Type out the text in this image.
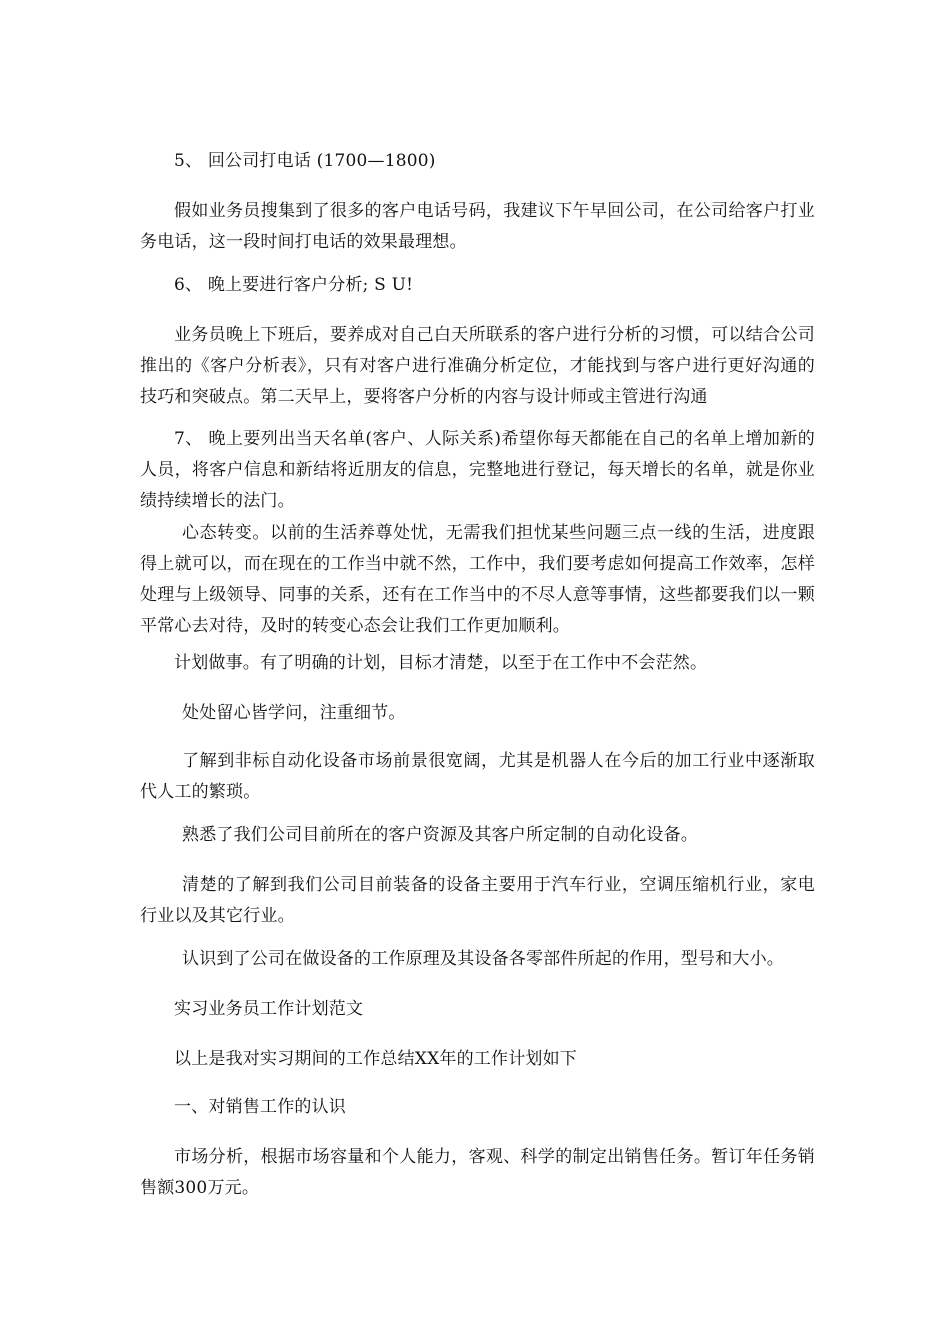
5、 回公司打电话 (1700—1800)

假如业务员搜集到了很多的客户电话号码，我建议下午早回公司，在公司给客户打业务电话，这一段时间打电话的效果最理想。

6、 晚上要进行客户分析; S U!

业务员晚上下班后，要养成对自己白天所联系的客户进行分析的习惯，可以结合公司推出的《客户分析表》，只有对客户进行准确分析定位，才能找到与客户进行更好沟通的技巧和突破点。第二天早上，要将客户分析的内容与设计师或主管进行沟通

7、 晚上要列出当天名单(客户、人际关系)希望你每天都能在自己的名单上增加新的人员，将客户信息和新结将近朋友的信息，完整地进行登记，每天增长的名单，就是你业绩持续增长的法门。

心态转变。以前的生活养尊处忧，无需我们担忧某些问题三点一线的生活，进度跟得上就可以，而在现在的工作当中就不然，工作中，我们要考虑如何提高工作效率，怎样处理与上级领导、同事的关系，还有在工作当中的不尽人意等事情，这些都要我们以一颗平常心去对待，及时的转变心态会让我们工作更加顺利。

计划做事。有了明确的计划，目标才清楚，以至于在工作中不会茫然。

处处留心皆学问，注重细节。

了解到非标自动化设备市场前景很宽阔，尤其是机器人在今后的加工行业中逐渐取代人工的繁琐。

熟悉了我们公司目前所在的客户资源及其客户所定制的自动化设备。

清楚的了解到我们公司目前装备的设备主要用于汽车行业，空调压缩机行业，家电行业以及其它行业。

认识到了公司在做设备的工作原理及其设备各零部件所起的作用，型号和大小。

实习业务员工作计划范文

以上是我对实习期间的工作总结XX年的工作计划如下

一、对销售工作的认识

市场分析，根据市场容量和个人能力，客观、科学的制定出销售任务。暂订年任务销售额300万元。
